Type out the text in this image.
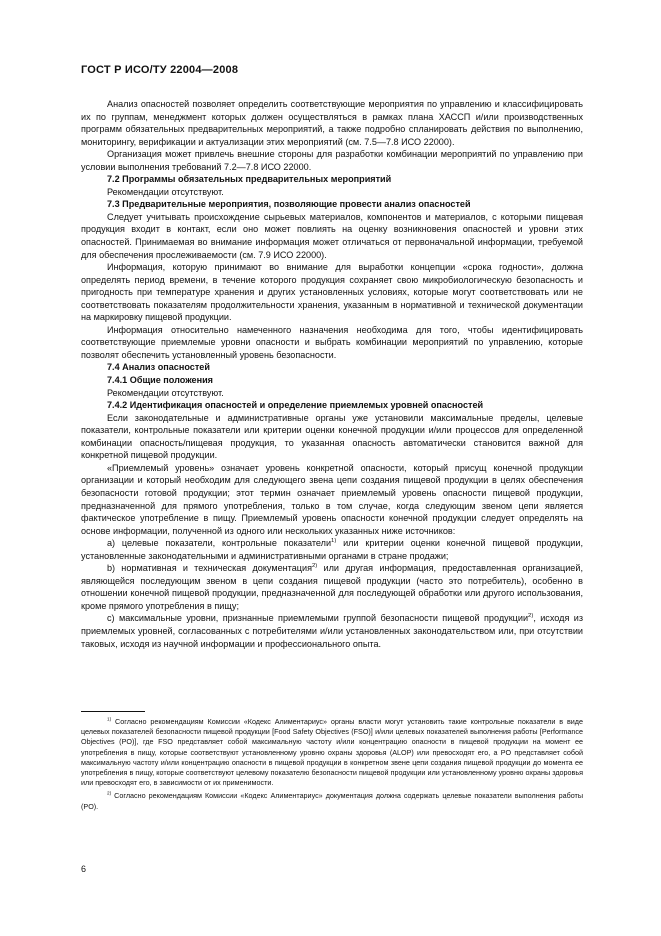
ГОСТ Р ИСО/ТУ 22004—2008

Анализ опасностей позволяет определить соответствующие мероприятия по управлению и классифицировать их по группам, менеджмент которых должен осуществляться в рамках плана ХАССП и/или производственных программ обязательных предварительных мероприятий, а также подробно спланировать действия по выполнению, мониторингу, верификации и актуализации этих мероприятий (см. 7.5—7.8 ИСО 22000).

Организация может привлечь внешние стороны для разработки комбинации мероприятий по управлению при условии выполнения требований 7.2—7.8 ИСО 22000.

7.2 Программы обязательных предварительных мероприятий

Рекомендации отсутствуют.

7.3 Предварительные мероприятия, позволяющие провести анализ опасностей

Следует учитывать происхождение сырьевых материалов, компонентов и материалов, с которыми пищевая продукция входит в контакт, если оно может повлиять на оценку возникновения опасностей и уровни этих опасностей. Принимаемая во внимание информация может отличаться от первоначальной информации, требуемой для обеспечения прослеживаемости (см. 7.9 ИСО 22000).

Информация, которую принимают во внимание для выработки концепции «срока годности», должна определять период времени, в течение которого продукция сохраняет свою микробиологическую безопасность и пригодность при температуре хранения и других установленных условиях, которые могут соответствовать или не соответствовать показателям продолжительности хранения, указанным в нормативной и технической документации на маркировку пищевой продукции.

Информация относительно намеченного назначения необходима для того, чтобы идентифицировать соответствующие приемлемые уровни опасности и выбрать комбинации мероприятий по управлению, которые позволят обеспечить установленный уровень безопасности.

7.4 Анализ опасностей

7.4.1 Общие положения

Рекомендации отсутствуют.

7.4.2 Идентификация опасностей и определение приемлемых уровней опасностей

Если законодательные и административные органы уже установили максимальные пределы, целевые показатели, контрольные показатели или критерии оценки конечной продукции и/или процессов для определенной комбинации опасность/пищевая продукция, то указанная опасность автоматически становится важной для конкретной пищевой продукции.

«Приемлемый уровень» означает уровень конкретной опасности, который присущ конечной продукции организации и который необходим для следующего звена цепи создания пищевой продукции в целях обеспечения безопасности готовой продукции; этот термин означает приемлемый уровень опасности пищевой продукции, предназначенной для прямого употребления, только в том случае, когда следующим звеном цепи является фактическое употребление в пищу. Приемлемый уровень опасности конечной продукции следует определять на основе информации, полученной из одного или нескольких указанных ниже источников:

а) целевые показатели, контрольные показатели$^{1)}$ или критерии оценки конечной пищевой продукции, установленные законодательными и административными органами в стране продажи;

b) нормативная и техническая документация$^{2)}$ или другая информация, предоставленная организацией, являющейся последующим звеном в цепи создания пищевой продукции (часто это потребитель), особенно в отношении конечной пищевой продукции, предназначенной для последующей обработки или другого использования, кроме прямого употребления в пищу;

с) максимальные уровни, признанные приемлемыми группой безопасности пищевой продукции$^{2)}$, исходя из приемлемых уровней, согласованных с потребителями и/или установленных законодательством или, при отсутствии таковых, исходя из научной информации и профессионального опыта.

$^{1)}$ Согласно рекомендациям Комиссии «Кодекс Алиментариус» органы власти могут установить такие контрольные показатели в виде целевых показателей безопасности пищевой продукции [Food Safety Objectives (FSO)] и/или целевых показателей выполнения работы [Performance Objectives (PO)], где FSO представляет собой максимальную частоту и/или концентрацию опасности в пищевой продукции на момент ее употребления в пищу, которые соответствуют установленному уровню охраны здоровья (ALOP) или превосходят его, а PO представляет собой максимальную частоту и/или концентрацию опасности в пищевой продукции в конкретном звене цепи создания пищевой продукции до момента ее употребления в пищу, которые соответствуют целевому показателю безопасности пищевой продукции или установленному уровню охраны здоровья или превосходят его, в зависимости от их применимости.

$^{2)}$ Согласно рекомендациям Комиссии «Кодекс Алиментариус» документация должна содержать целевые показатели выполнения работы (PO).

6
